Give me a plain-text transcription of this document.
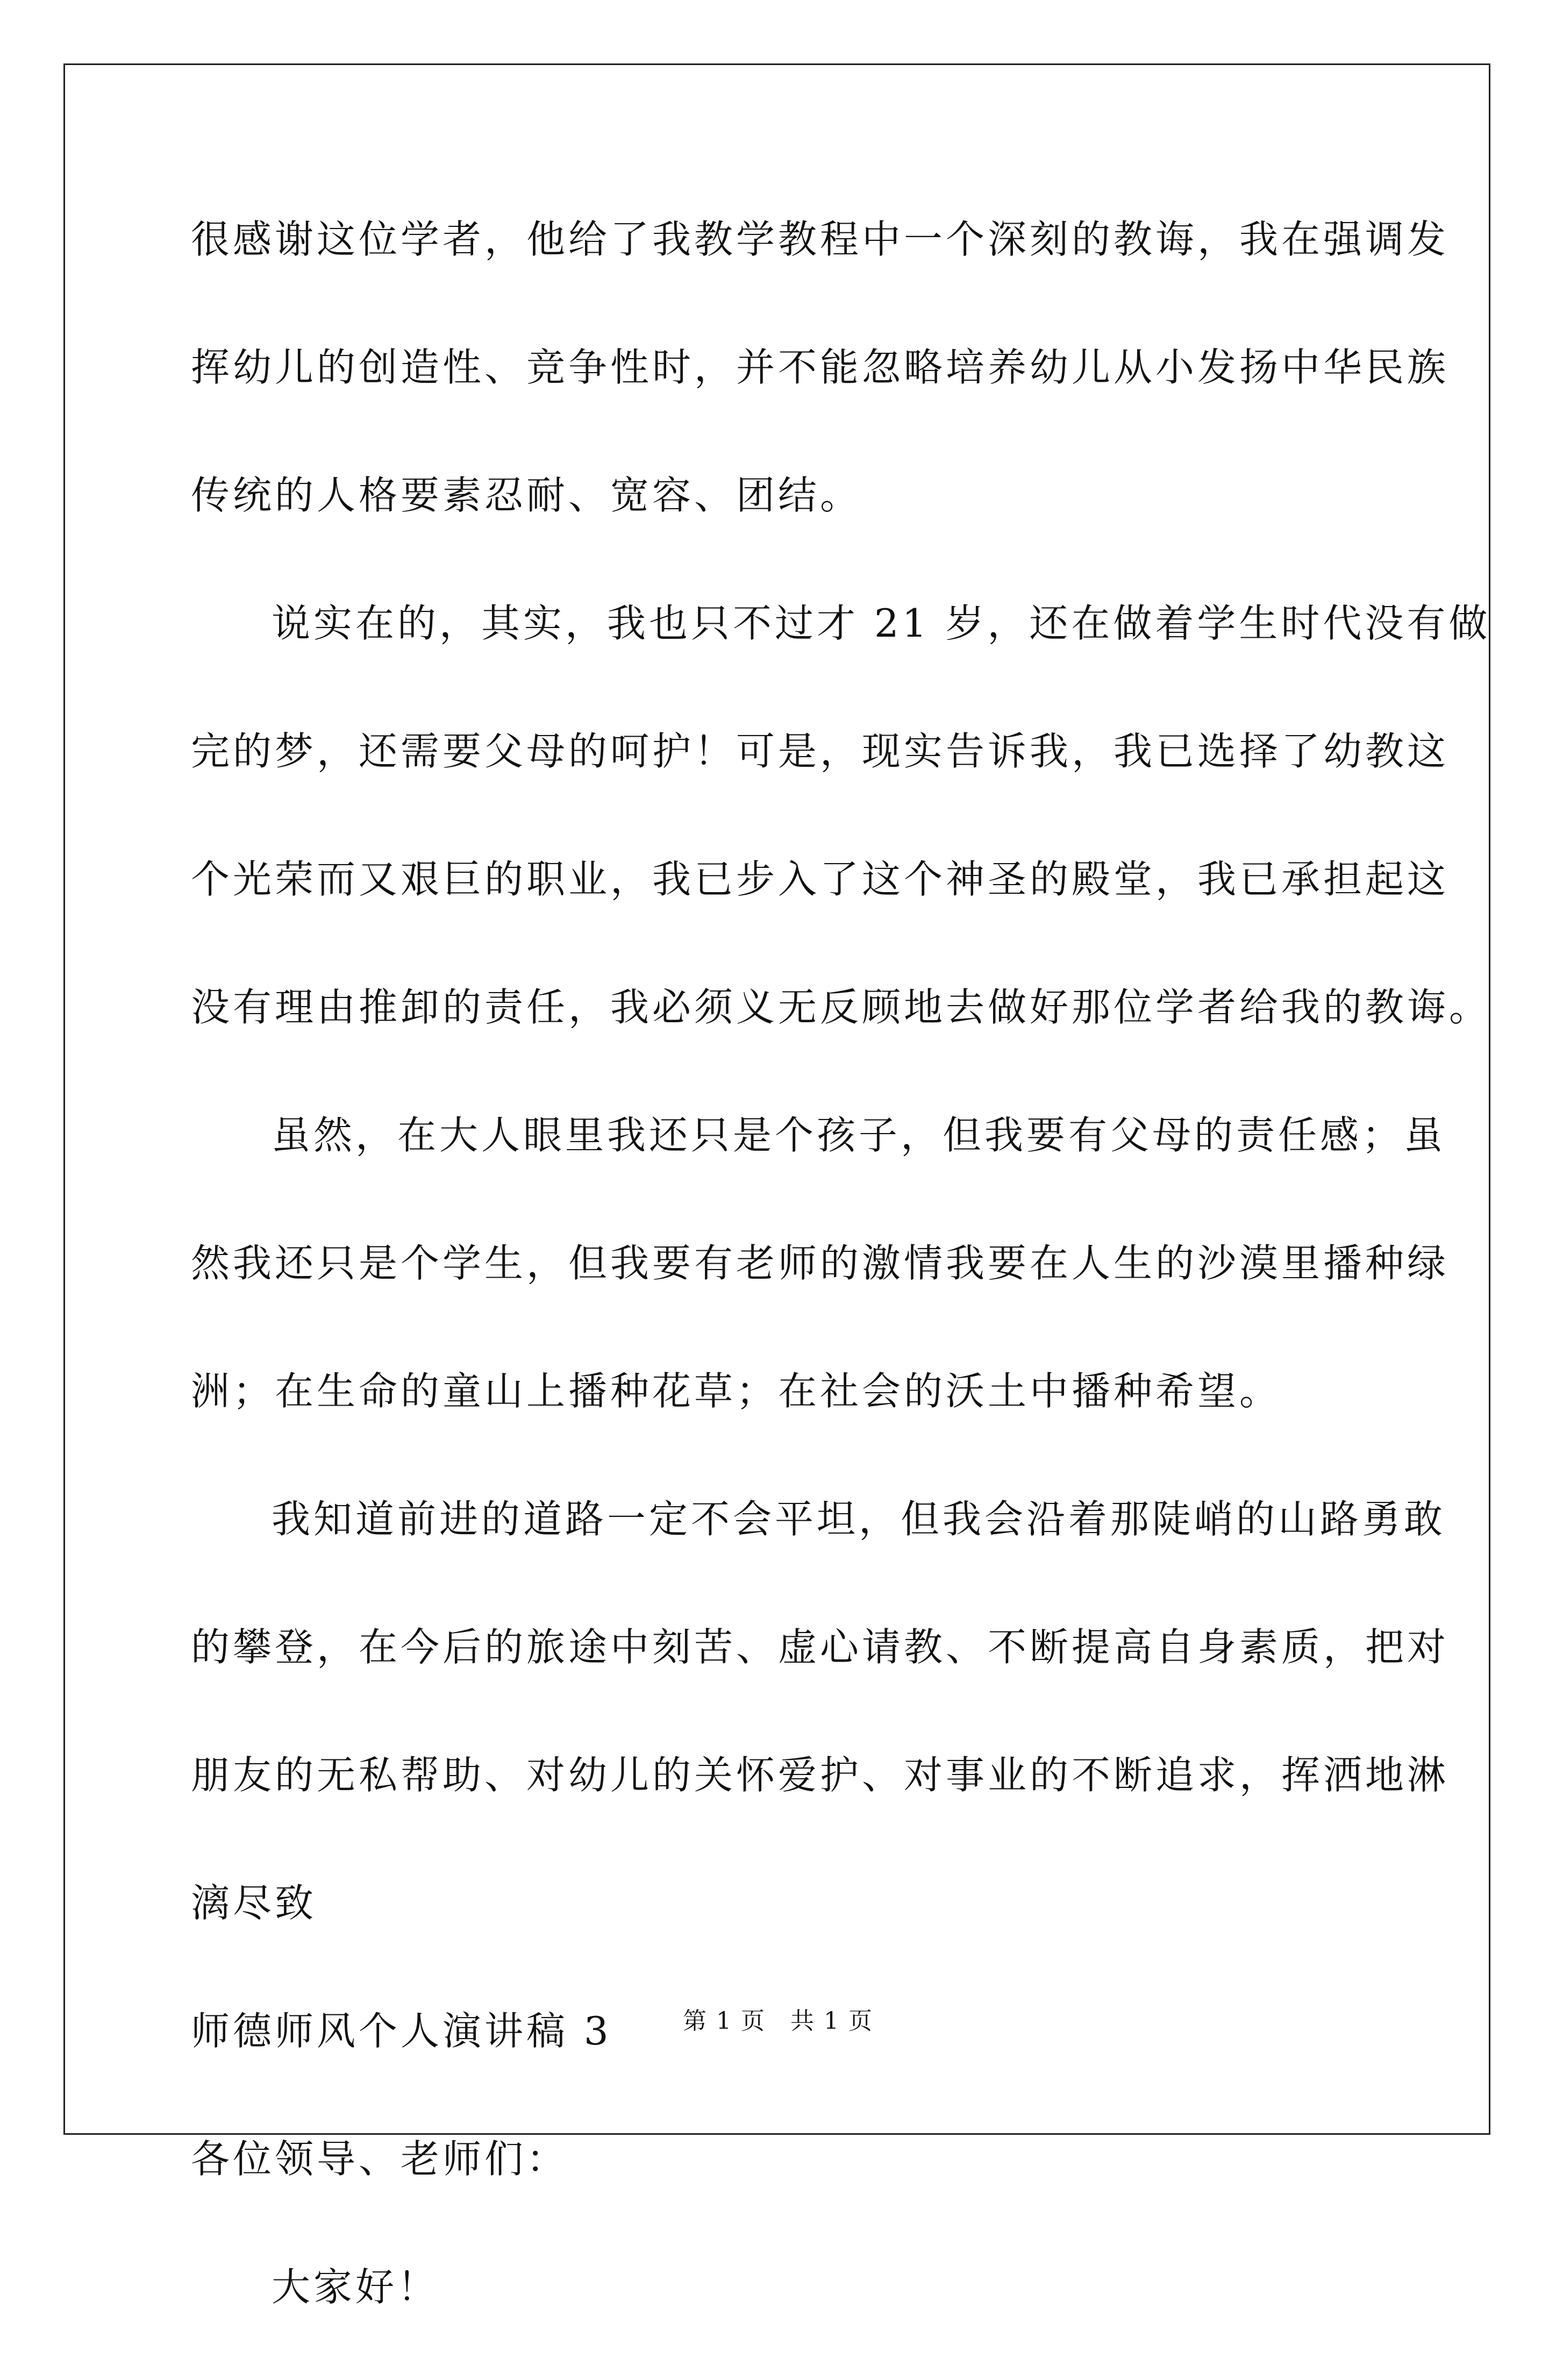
很感谢这位学者，他给了我教学教程中一个深刻的教诲，我在强调发
挥幼儿的创造性、竞争性时，并不能忽略培养幼儿从小发扬中华民族
传统的人格要素忍耐、宽容、团结。
说实在的，其实，我也只不过才 21 岁，还在做着学生时代没有做
完的梦，还需要父母的呵护！可是，现实告诉我，我已选择了幼教这
个光荣而又艰巨的职业，我已步入了这个神圣的殿堂，我已承担起这
没有理由推卸的责任，我必须义无反顾地去做好那位学者给我的教诲。
虽然，在大人眼里我还只是个孩子，但我要有父母的责任感；虽
然我还只是个学生，但我要有老师的激情我要在人生的沙漠里播种绿
洲；在生命的童山上播种花草；在社会的沃土中播种希望。
我知道前进的道路一定不会平坦，但我会沿着那陡峭的山路勇敢
的攀登，在今后的旅途中刻苦、虚心请教、不断提高自身素质，把对
朋友的无私帮助、对幼儿的关怀爱护、对事业的不断追求，挥洒地淋
漓尽致
师德师风个人演讲稿 3
各位领导、老师们：
大家好！
第 1 页　共 1 页
